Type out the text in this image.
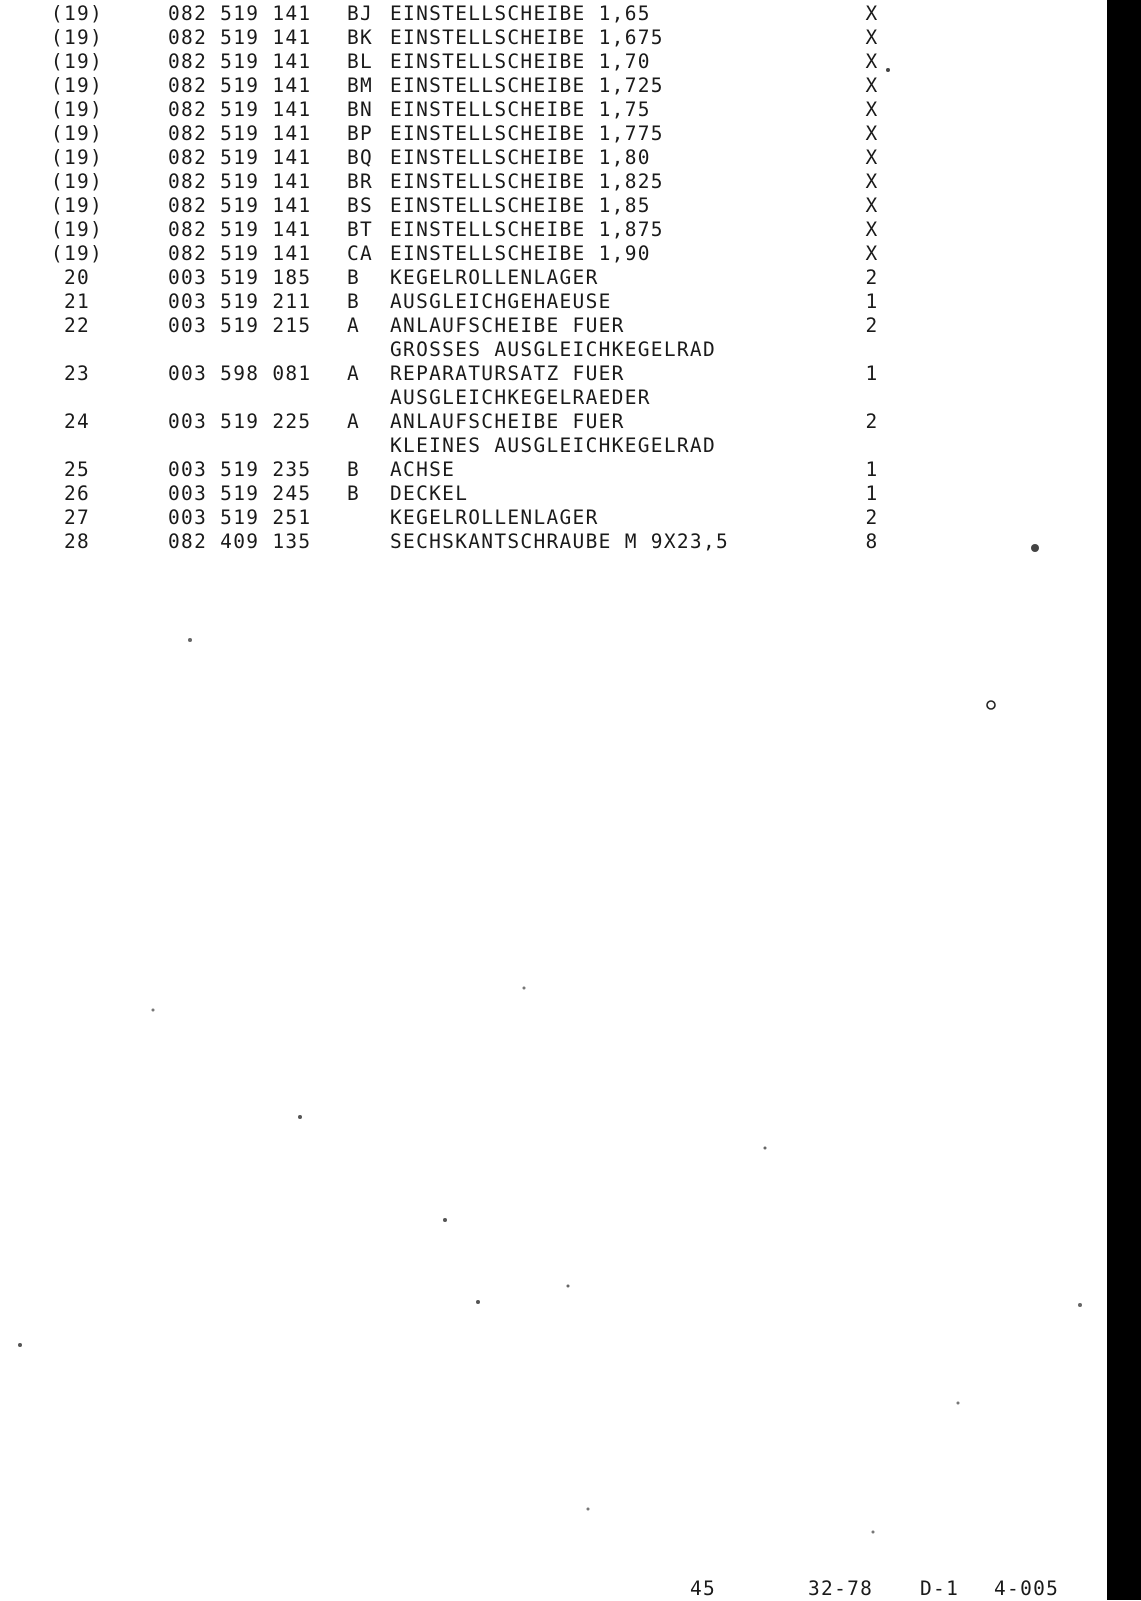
(19)	082 519 141 BJ EINSTELLSCHEIBE 1,65	X
(19)	082 519 141 BK EINSTELLSCHEIBE 1,675	X
(19)	082 519 141 BL EINSTELLSCHEIBE 1,70	X
(19)	082 519 141 BM EINSTELLSCHEIBE 1,725	X
(19)	082 519 141 BN EINSTELLSCHEIBE 1,75	X
(19)	082 519 141 BP EINSTELLSCHEIBE 1,775	X
(19)	082 519 141 BQ EINSTELLSCHEIBE 1,80	X
(19)	082 519 141 BR EINSTELLSCHEIBE 1,825	X
(19)	082 519 141 BS EINSTELLSCHEIBE 1,85	X
(19)	082 519 141 BT EINSTELLSCHEIBE 1,875	X
(19)	082 519 141 CA EINSTELLSCHEIBE 1,90	X
20	003 519 185 B KEGELROLLENLAGER	2
21	003 519 211 B AUSGLEICHGEHAEUSE	1
22	003 519 215 A ANLAUFSCHEIBE FUER	2
GROSSES AUSGLEICHKEGELRAD
23	003 598 081 A REPARATURSATZ FUER	1
AUSGLEICHKEGELRAEDER
24	003 519 225 A ANLAUFSCHEIBE FUER	2
KLEINES AUSGLEICHKEGELRAD
25	003 519 235 B ACHSE	1
26	003 519 245 B DECKEL	1
27	003 519 251	KEGELROLLENLAGER	2
28	082 409 135	SECHSKANTSCHRAUBE M 9X23,5	8
45	32-78 D-1 4-005
